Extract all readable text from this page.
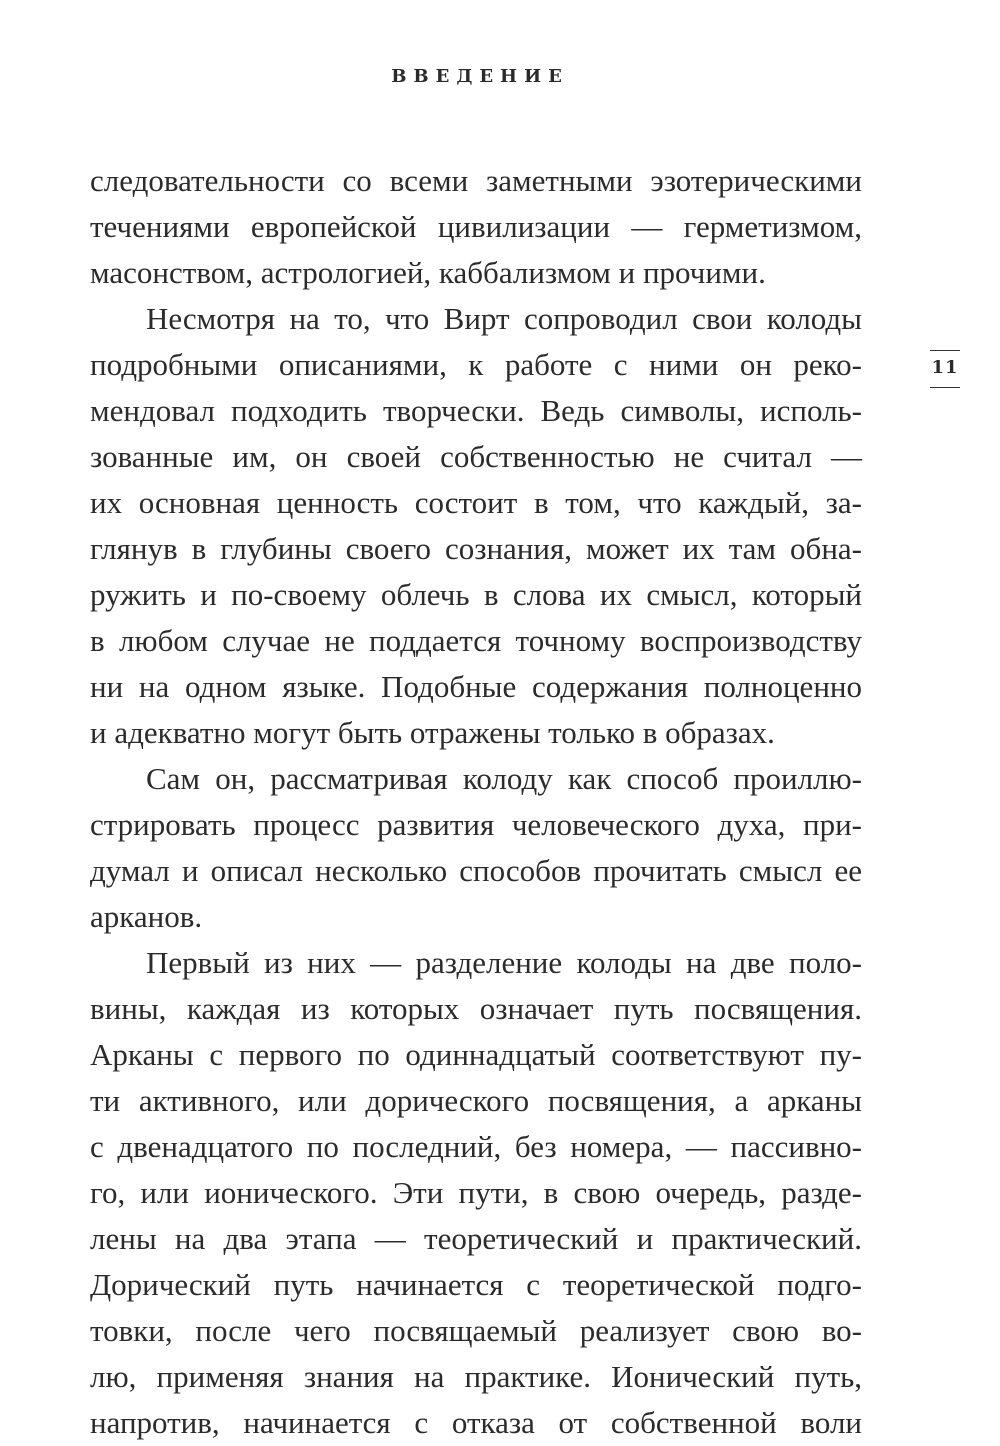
ВВЕДЕНИЕ
11
следовательности со всеми заметными эзотерическими
течениями европейской цивилизации — герметизмом,
масонством, астрологией, каббализмом и прочими.
Несмотря на то, что Вирт сопроводил свои колоды
подробными описаниями, к работе с ними он реко-
мендовал подходить творчески. Ведь символы, исполь-
зованные им, он своей собственностью не считал —
их основная ценность состоит в том, что каждый, за-
глянув в глубины своего сознания, может их там обна-
ружить и по-своему облечь в слова их смысл, который
в любом случае не поддается точному воспроизводству
ни на одном языке. Подобные содержания полноценно
и адекватно могут быть отражены только в образах.
Сам он, рассматривая колоду как способ проиллю-
стрировать процесс развития человеческого духа, при-
думал и описал несколько способов прочитать смысл ее
арканов.
Первый из них — разделение колоды на две поло-
вины, каждая из которых означает путь посвящения.
Арканы с первого по одиннадцатый соответствуют пу-
ти активного, или дорического посвящения, а арканы
с двенадцатого по последний, без номера, — пассивно-
го, или ионического. Эти пути, в свою очередь, разде-
лены на два этапа — теоретический и практический.
Дорический путь начинается с теоретической подго-
товки, после чего посвящаемый реализует свою во-
лю, применяя знания на практике. Ионический путь,
напротив, начинается с отказа от собственной воли
